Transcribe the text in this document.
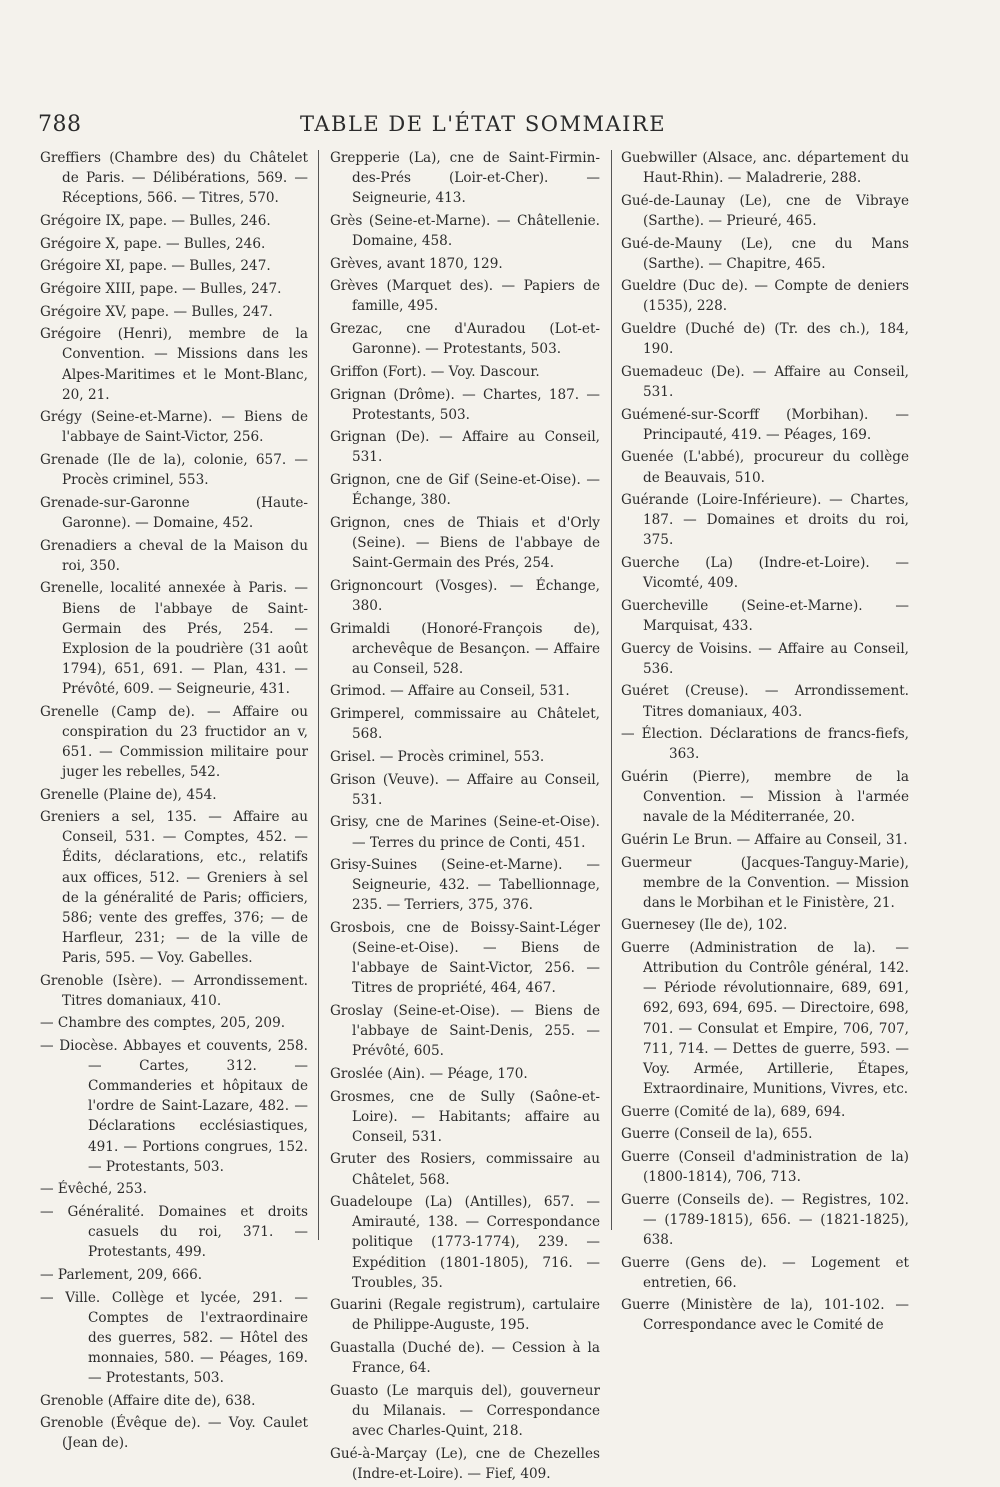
788	TABLE DE L'ÉTAT SOMMAIRE

Greffiers (Chambre des) du Châtelet de Paris. — Délibérations, 569. — Réceptions, 566. — Titres, 570.

Grégoire IX, pape. — Bulles, 246.

Grégoire X, pape. — Bulles, 246.

Grégoire XI, pape. — Bulles, 247.

Grégoire XIII, pape. — Bulles, 247.

Grégoire XV, pape. — Bulles, 247.

Grégoire (Henri), membre de la Convention. — Missions dans les Alpes-Maritimes et le Mont-Blanc, 20, 21.

Grégy (Seine-et-Marne). — Biens de l'abbaye de Saint-Victor, 256.

Grenade (Ile de la), colonie, 657. — Procès criminel, 553.

Grenade-sur-Garonne (Haute-Garonne). — Domaine, 452.

Grenadiers a cheval de la Maison du roi, 350.

Grenelle, localité annexée à Paris. — Biens de l'abbaye de Saint-Germain des Prés, 254. — Explosion de la poudrière (31 août 1794), 651, 691. — Plan, 431. — Prévôté, 609. — Seigneurie, 431.

Grenelle (Camp de). — Affaire ou conspiration du 23 fructidor an v, 651. — Commission militaire pour juger les rebelles, 542.

Grenelle (Plaine de), 454.

Greniers a sel, 135. — Affaire au Conseil, 531. — Comptes, 452. — Édits, déclarations, etc., relatifs aux offices, 512. — Greniers à sel de la généralité de Paris; officiers, 586; vente des greffes, 376; — de Harfleur, 231; — de la ville de Paris, 595. — Voy. Gabelles.

Grenoble (Isère). — Arrondissement. Titres domaniaux, 410.

— Chambre des comptes, 205, 209.

— Diocèse. Abbayes et couvents, 258. — Cartes, 312. — Commanderies et hôpitaux de l'ordre de Saint-Lazare, 482. — Déclarations ecclésiastiques, 491. — Portions congrues, 152. — Protestants, 503.

— Évêché, 253.

— Généralité. Domaines et droits casuels du roi, 371. — Protestants, 499.

— Parlement, 209, 666.

— Ville. Collège et lycée, 291. — Comptes de l'extraordinaire des guerres, 582. — Hôtel des monnaies, 580. — Péages, 169. — Protestants, 503.

Grenoble (Affaire dite de), 638.

Grenoble (Évêque de). — Voy. Caulet (Jean de).

Grepperie (La), cne de Saint-Firmin-des-Prés (Loir-et-Cher). — Seigneurie, 413.

Grès (Seine-et-Marne). — Châtellenie. Domaine, 458.

Grèves, avant 1870, 129.

Grèves (Marquet des). — Papiers de famille, 495.

Grezac, cne d'Auradou (Lot-et-Garonne). — Protestants, 503.

Griffon (Fort). — Voy. Dascour.

Grignan (Drôme). — Chartes, 187. — Protestants, 503.

Grignan (De). — Affaire au Conseil, 531.

Grignon, cne de Gif (Seine-et-Oise). — Échange, 380.

Grignon, cnes de Thiais et d'Orly (Seine). — Biens de l'abbaye de Saint-Germain des Prés, 254.

Grignoncourt (Vosges). — Échange, 380.

Grimaldi (Honoré-François de), archevêque de Besançon. — Affaire au Conseil, 528.

Grimod. — Affaire au Conseil, 531.

Grimperel, commissaire au Châtelet, 568.

Grisel. — Procès criminel, 553.

Grison (Veuve). — Affaire au Conseil, 531.

Grisy, cne de Marines (Seine-et-Oise). — Terres du prince de Conti, 451.

Grisy-Suines (Seine-et-Marne). — Seigneurie, 432. — Tabellionnage, 235. — Terriers, 375, 376.

Grosbois, cne de Boissy-Saint-Léger (Seine-et-Oise). — Biens de l'abbaye de Saint-Victor, 256. — Titres de propriété, 464, 467.

Groslay (Seine-et-Oise). — Biens de l'abbaye de Saint-Denis, 255. — Prévôté, 605.

Groslée (Ain). — Péage, 170.

Grosmes, cne de Sully (Saône-et-Loire). — Habitants; affaire au Conseil, 531.

Gruter des Rosiers, commissaire au Châtelet, 568.

Guadeloupe (La) (Antilles), 657. — Amirauté, 138. — Correspondance politique (1773-1774), 239. — Expédition (1801-1805), 716. — Troubles, 35.

Guarini (Regale registrum), cartulaire de Philippe-Auguste, 195.

Guastalla (Duché de). — Cession à la France, 64.

Guasto (Le marquis del), gouverneur du Milanais. — Correspondance avec Charles-Quint, 218.

Gué-à-Marçay (Le), cne de Chezelles (Indre-et-Loire). — Fief, 409.

Guebwiller (Alsace, anc. département du Haut-Rhin). — Maladrerie, 288.

Gué-de-Launay (Le), cne de Vibraye (Sarthe). — Prieuré, 465.

Gué-de-Mauny (Le), cne du Mans (Sarthe). — Chapitre, 465.

Gueldre (Duc de). — Compte de deniers (1535), 228.

Gueldre (Duché de) (Tr. des ch.), 184, 190.

Guemadeuc (De). — Affaire au Conseil, 531.

Guémené-sur-Scorff (Morbihan). — Principauté, 419. — Péages, 169.

Guenée (L'abbé), procureur du collège de Beauvais, 510.

Guérande (Loire-Inférieure). — Chartes, 187. — Domaines et droits du roi, 375.

Guerche (La) (Indre-et-Loire). — Vicomté, 409.

Guercheville (Seine-et-Marne). — Marquisat, 433.

Guercy de Voisins. — Affaire au Conseil, 536.

Guéret (Creuse). — Arrondissement. Titres domaniaux, 403.

— Élection. Déclarations de francs-fiefs, 363.

Guérin (Pierre), membre de la Convention. — Mission à l'armée navale de la Méditerranée, 20.

Guérin Le Brun. — Affaire au Conseil, 31.

Guermeur (Jacques-Tanguy-Marie), membre de la Convention. — Mission dans le Morbihan et le Finistère, 21.

Guernesey (Ile de), 102.

Guerre (Administration de la). — Attribution du Contrôle général, 142. — Période révolutionnaire, 689, 691, 692, 693, 694, 695. — Directoire, 698, 701. — Consulat et Empire, 706, 707, 711, 714. — Dettes de guerre, 593. — Voy. Armée, Artillerie, Étapes, Extraordinaire, Munitions, Vivres, etc.

Guerre (Comité de la), 689, 694.

Guerre (Conseil de la), 655.

Guerre (Conseil d'administration de la) (1800-1814), 706, 713.

Guerre (Conseils de). — Registres, 102. — (1789-1815), 656. — (1821-1825), 638.

Guerre (Gens de). — Logement et entretien, 66.

Guerre (Ministère de la), 101-102. — Correspondance avec le Comité de
